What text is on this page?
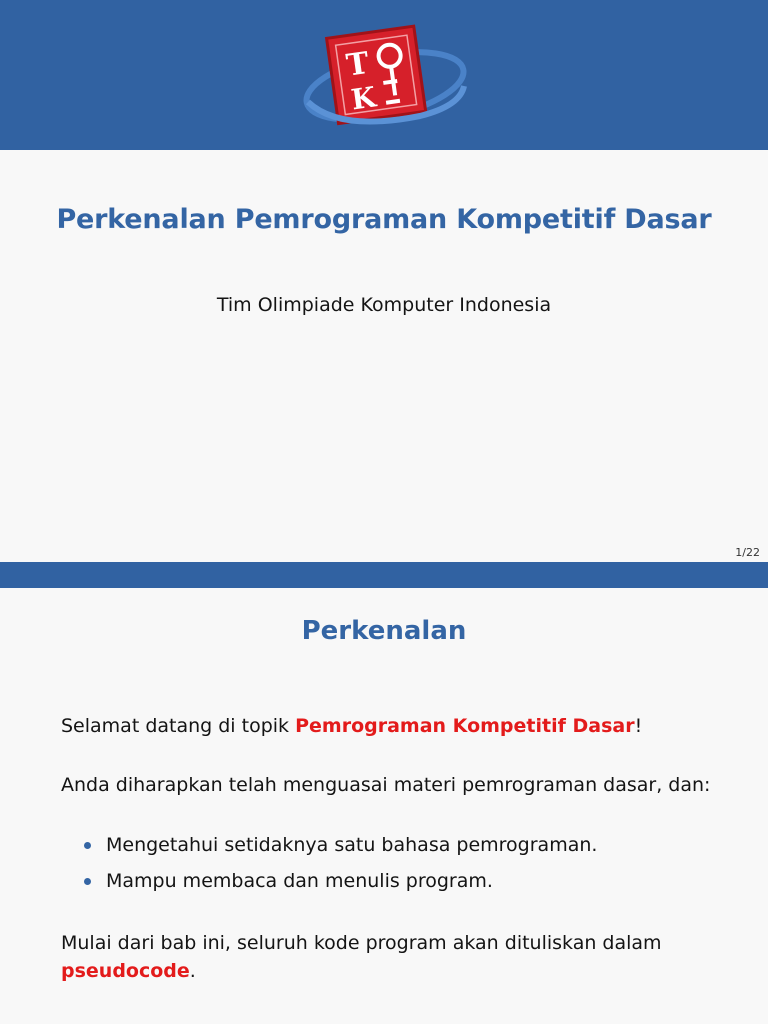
T
K
Perkenalan Pemrograman Kompetitif Dasar
Tim Olimpiade Komputer Indonesia
1/22
Perkenalan
Selamat datang di topik Pemrograman Kompetitif Dasar!
Anda diharapkan telah menguasai materi pemrograman dasar, dan:
Mengetahui setidaknya satu bahasa pemrograman.
Mampu membaca dan menulis program.
Mulai dari bab ini, seluruh kode program akan dituliskan dalam pseudocode.
